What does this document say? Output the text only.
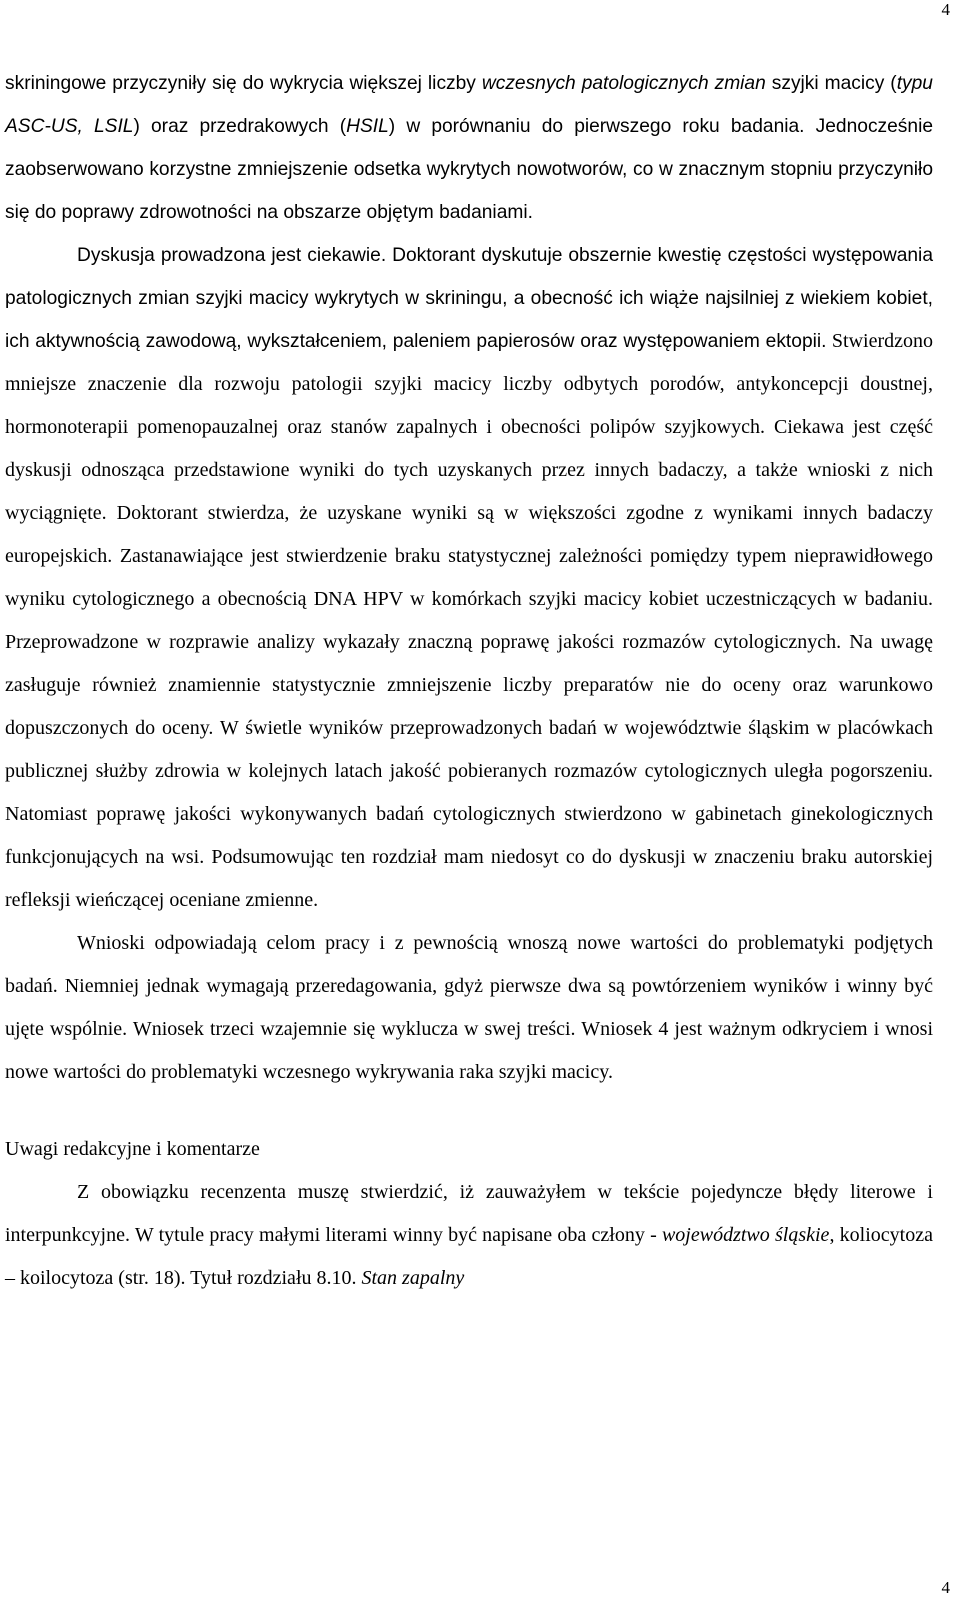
4

skriningowe przyczyniły się do wykrycia większej liczby wczesnych patologicznych zmian szyjki macicy (typu ASC-US, LSIL) oraz przedrakowych (HSIL) w porównaniu do pierwszego roku badania. Jednocześnie zaobserwowano korzystne zmniejszenie odsetka wykrytych nowotworów, co w znacznym stopniu przyczyniło się do poprawy zdrowotności na obszarze objętym badaniami.

Dyskusja prowadzona jest ciekawie. Doktorant dyskutuje obszernie kwestię częstości występowania patologicznych zmian szyjki macicy wykrytych w skriningu, a obecność ich wiąże najsilniej z wiekiem kobiet, ich aktywnością zawodową, wykształceniem, paleniem papierosów oraz występowaniem ektopii. Stwierdzono mniejsze znaczenie dla rozwoju patologii szyjki macicy liczby odbytych porodów, antykoncepcji doustnej, hormonoterapii pomenopauzalnej oraz stanów zapalnych i obecności polipów szyjkowych. Ciekawa jest część dyskusji odnosząca przedstawione wyniki do tych uzyskanych przez innych badaczy, a także wnioski z nich wyciągnięte. Doktorant stwierdza, że uzyskane wyniki są w większości zgodne z wynikami innych badaczy europejskich. Zastanawiające jest stwierdzenie braku statystycznej zależności pomiędzy typem nieprawidłowego wyniku cytologicznego a obecnością DNA HPV w komórkach szyjki macicy kobiet uczestniczących w badaniu. Przeprowadzone w rozprawie analizy wykazały znaczną poprawę jakości rozmazów cytologicznych. Na uwagę zasługuje również znamiennie statystycznie zmniejszenie liczby preparatów nie do oceny oraz warunkowo dopuszczonych do oceny. W świetle wyników przeprowadzonych badań w województwie śląskim w placówkach publicznej służby zdrowia w kolejnych latach jakość pobieranych rozmazów cytologicznych uległa pogorszeniu. Natomiast poprawę jakości wykonywanych badań cytologicznych stwierdzono w gabinetach ginekologicznych funkcjonujących na wsi. Podsumowując ten rozdział mam niedosyt co do dyskusji w znaczeniu braku autorskiej refleksji wieńczącej oceniane zmienne.

Wnioski odpowiadają celom pracy i z pewnością wnoszą nowe wartości do problematyki podjętych badań. Niemniej jednak wymagają przeredagowania, gdyż pierwsze dwa są powtórzeniem wyników i winny być ujęte wspólnie. Wniosek trzeci wzajemnie się wyklucza w swej treści. Wniosek 4 jest ważnym odkryciem i wnosi nowe wartości do problematyki wczesnego wykrywania raka szyjki macicy.

Uwagi redakcyjne i komentarze

Z obowiązku recenzenta muszę stwierdzić, iż zauważyłem w tekście pojedyncze błędy literowe i interpunkcyjne. W tytule pracy małymi literami winny być napisane oba człony - województwo śląskie, koliocytoza – koilocytoza (str. 18). Tytuł rozdziału 8.10. Stan zapalny

4
